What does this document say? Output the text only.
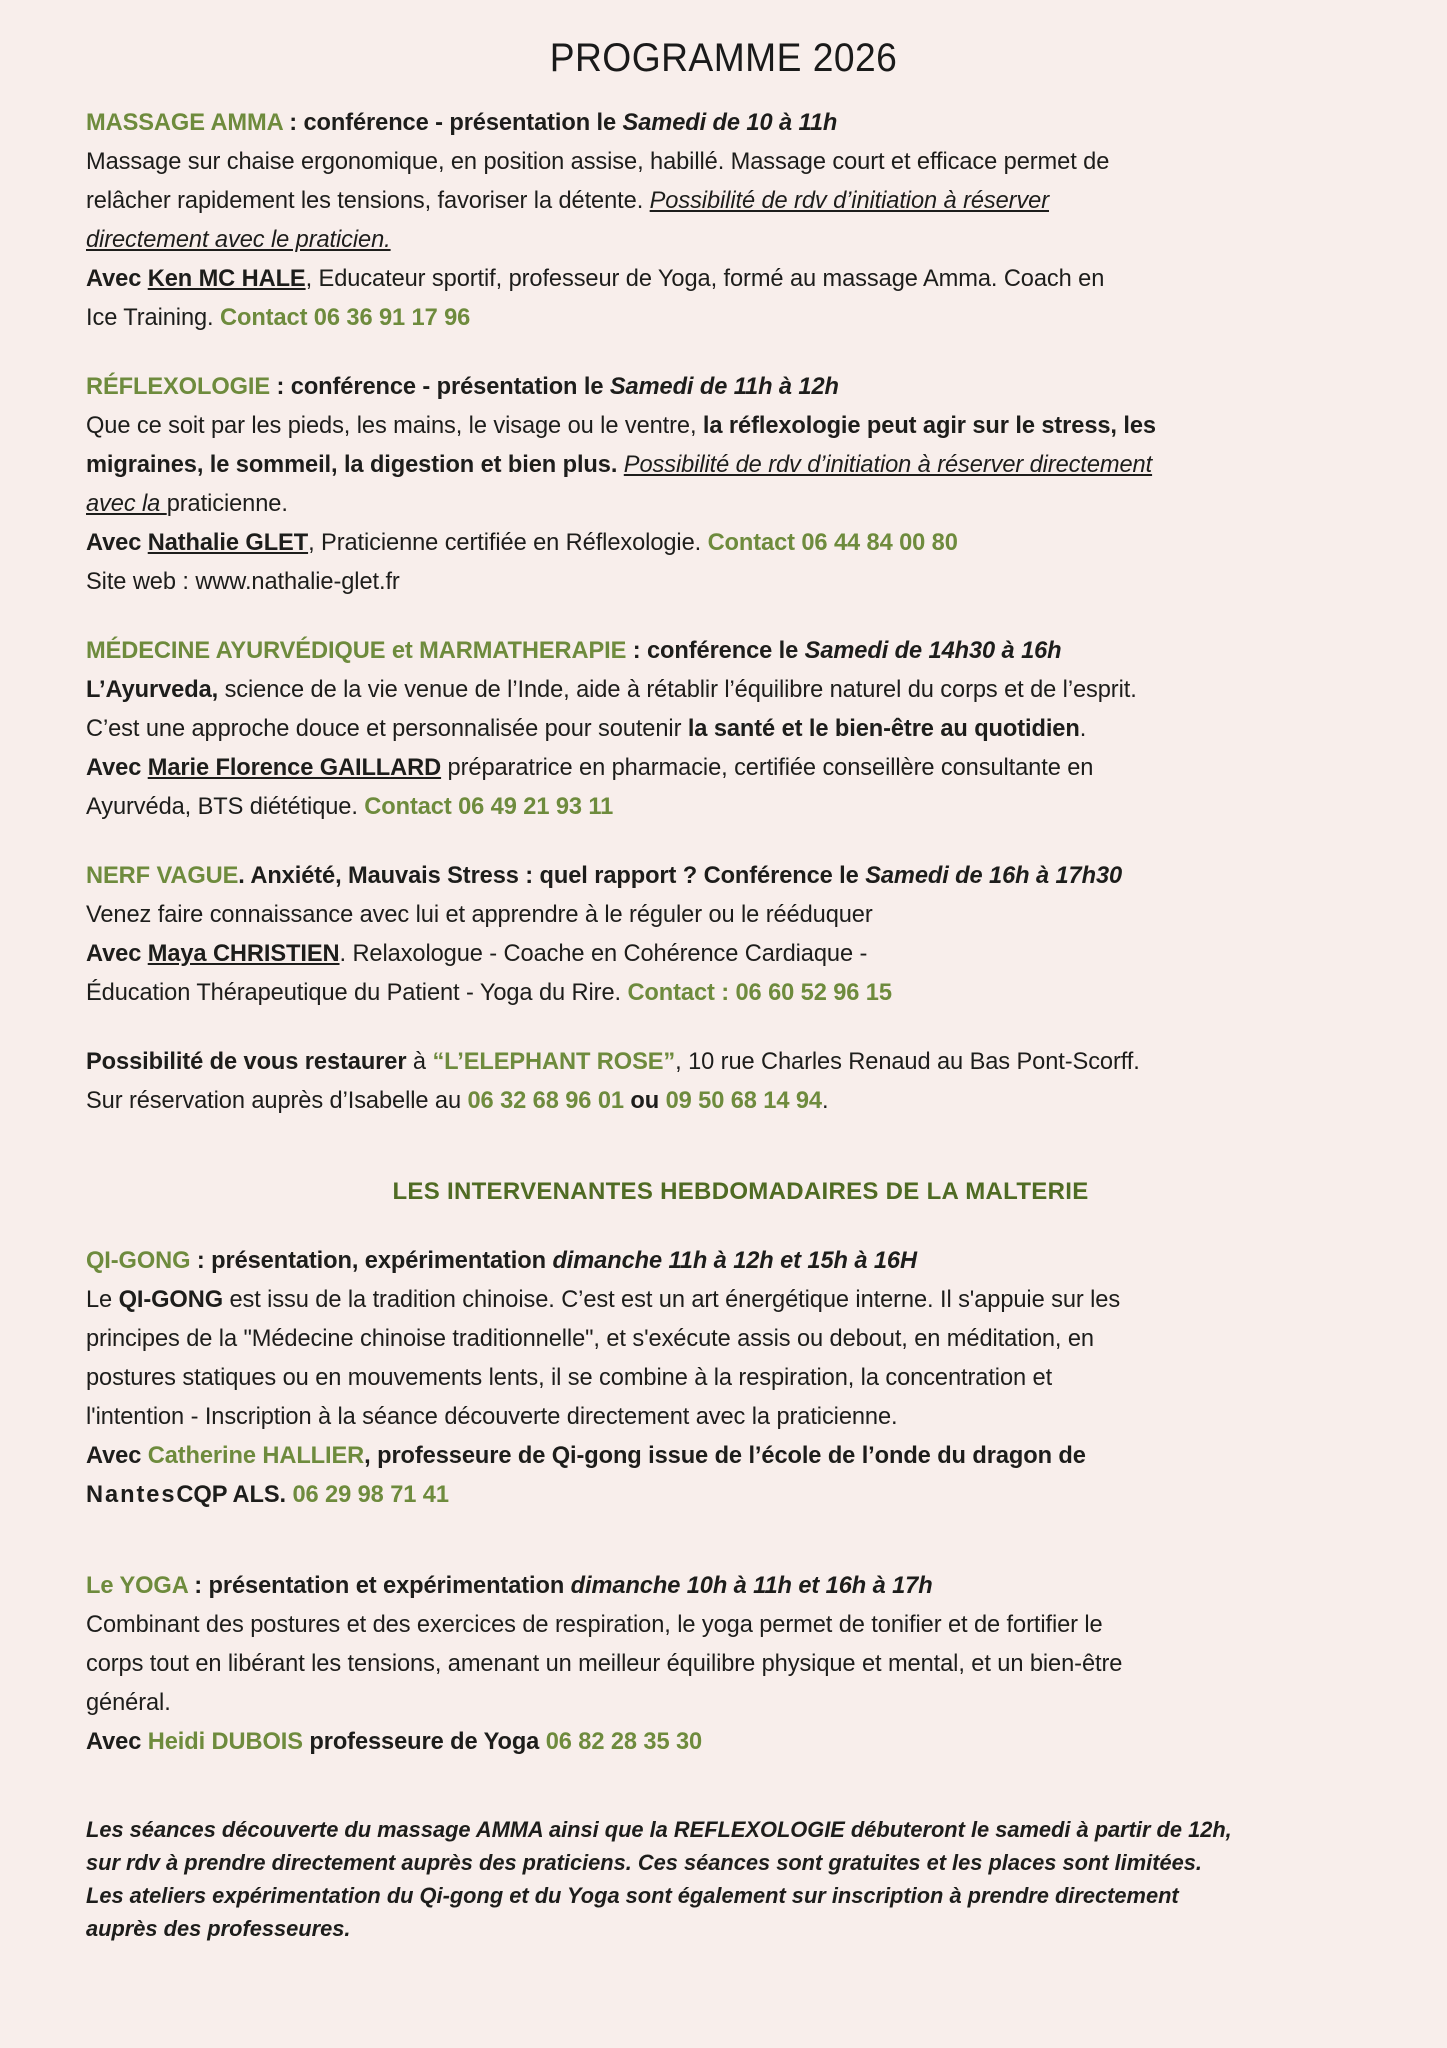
PROGRAMME 2026

MASSAGE AMMA : conférence - présentation le Samedi de 10 à 11h

Massage sur chaise ergonomique, en position assise, habillé. Massage court et efficace permet de

relâcher rapidement les tensions, favoriser la détente. Possibilité de rdv d’initiation à réserver

directement avec le praticien.

Avec Ken MC HALE, Educateur sportif, professeur de Yoga, formé au massage Amma. Coach en

Ice Training. Contact 06 36 91 17 96

RÉFLEXOLOGIE : conférence - présentation le Samedi de 11h à 12h

Que ce soit par les pieds, les mains, le visage ou le ventre, la réflexologie peut agir sur le stress, les

migraines, le sommeil, la digestion et bien plus. Possibilité de rdv d’initiation à réserver directement

avec la praticienne.

Avec Nathalie GLET, Praticienne certifiée en Réflexologie. Contact 06 44 84 00 80

Site web : www.nathalie-glet.fr

MÉDECINE AYURVÉDIQUE et MARMATHERAPIE : conférence le Samedi de 14h30 à 16h

L’Ayurveda, science de la vie venue de l’Inde, aide à rétablir l’équilibre naturel du corps et de l’esprit.

C’est une approche douce et personnalisée pour soutenir la santé et le bien-être au quotidien.

Avec Marie Florence GAILLARD préparatrice en pharmacie, certifiée conseillère consultante en

Ayurvéda, BTS diététique. Contact 06 49 21 93 11

NERF VAGUE. Anxiété, Mauvais Stress : quel rapport ? Conférence le Samedi de 16h à 17h30

Venez faire connaissance avec lui et apprendre à le réguler ou le rééduquer

Avec Maya CHRISTIEN. Relaxologue - Coache en Cohérence Cardiaque -

Éducation Thérapeutique du Patient - Yoga du Rire. Contact : 06 60 52 96 15

Possibilité de vous restaurer à “L’ELEPHANT ROSE”, 10 rue Charles Renaud au Bas Pont-Scorff.

Sur réservation auprès d’Isabelle au 06 32 68 96 01 ou 09 50 68 14 94.

LES INTERVENANTES HEBDOMADAIRES DE LA MALTERIE

QI-GONG : présentation, expérimentation dimanche 11h à 12h et 15h à 16H

Le QI-GONG est issu de la tradition chinoise. C’est est un art énergétique interne. Il s'appuie sur les

principes de la "Médecine chinoise traditionnelle", et s'exécute assis ou debout, en méditation, en

postures statiques ou en mouvements lents, il se combine à la respiration, la concentration et

l'intention - Inscription à la séance découverte directement avec la praticienne.

Avec Catherine HALLIER, professeure de Qi-gong issue de l’école de l’onde du dragon de

NantesCQP ALS. 06 29 98 71 41

Le YOGA : présentation et expérimentation dimanche 10h à 11h et 16h à 17h

Combinant des postures et des exercices de respiration, le yoga permet de tonifier et de fortifier le

corps tout en libérant les tensions, amenant un meilleur équilibre physique et mental, et un bien-être

général.

Avec Heidi DUBOIS professeure de Yoga 06 82 28 35 30

Les séances découverte du massage AMMA ainsi que la REFLEXOLOGIE débuteront le samedi à partir de 12h,

sur rdv à prendre directement auprès des praticiens. Ces séances sont gratuites et les places sont limitées.

Les ateliers expérimentation du Qi-gong et du Yoga sont également sur inscription à prendre directement

auprès des professeures.
